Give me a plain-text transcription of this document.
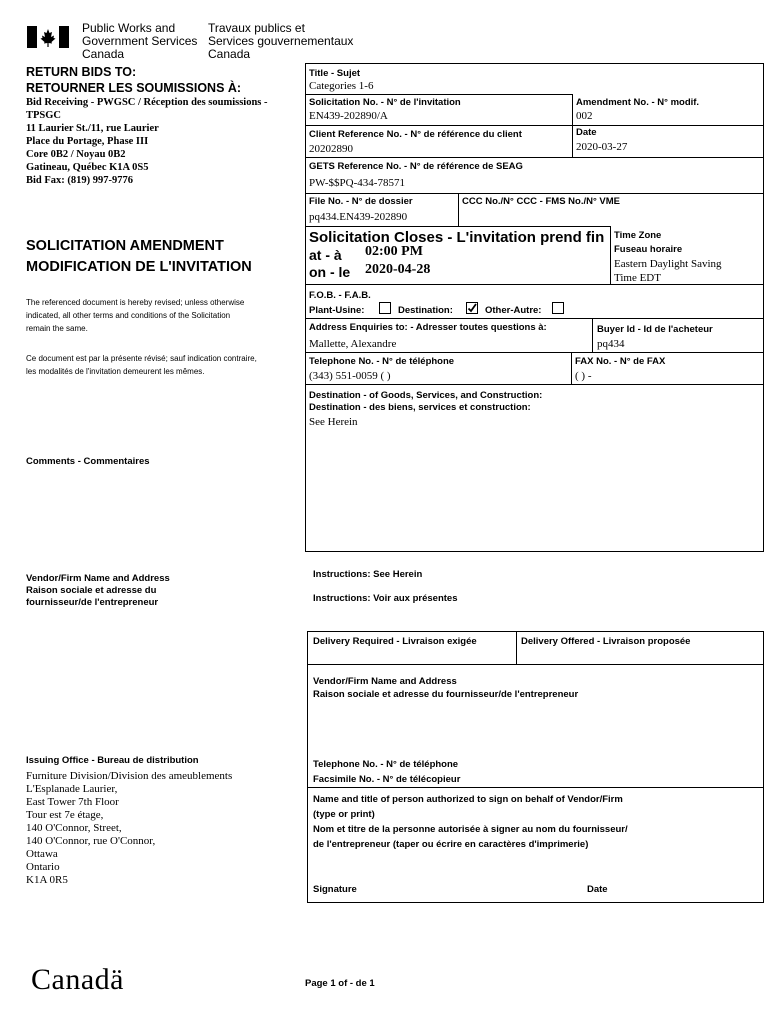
Public Works and
Government Services
Canada
Travaux publics et
Services gouvernementaux
Canada
RETURN BIDS TO:
RETOURNER LES SOUMISSIONS À:
Bid Receiving - PWGSC / Réception des soumissions -
TPSGC
11 Laurier St./11, rue Laurier
Place du Portage, Phase III
Core 0B2 / Noyau 0B2
Gatineau, Québec K1A 0S5
Bid Fax: (819) 997-9776
SOLICITATION AMENDMENT
MODIFICATION DE L'INVITATION
The referenced document is hereby revised; unless otherwise
indicated, all other terms and conditions of the Solicitation
remain the same.
Ce document est par la présente révisé; sauf indication contraire,
les modalités de l'invitation demeurent les mêmes.
Comments - Commentaires
Vendor/Firm Name and Address
Raison sociale et adresse du
fournisseur/de l'entrepreneur
Issuing Office - Bureau de distribution
Furniture Division/Division des ameublements
L'Esplanade Laurier,
East Tower 7th Floor
Tour est 7e étage,
140 O'Connor, Street,
140 O'Connor, rue O'Connor,
Ottawa
Ontario
K1A 0R5
Title - Sujet
Categories 1-6
Solicitation No. - N° de l'invitation
EN439-202890/A
Amendment No. - N° modif.
002
Client Reference No. - N° de référence du client
20202890
Date
2020-03-27
GETS Reference No. - N° de référence de SEAG
PW-$$PQ-434-78571
File No. - N° de dossier
pq434.EN439-202890
CCC No./N° CCC - FMS No./N° VME
Solicitation Closes - L'invitation prend fin
at - à 02:00 PM
on - le 2020-04-28
Time Zone
Fuseau horaire
Eastern Daylight Saving
Time EDT
F.O.B. - F.A.B.
Plant-Usine:	Destination:	Other-Autre:
Address Enquiries to: - Adresser toutes questions à:
Mallette, Alexandre
Buyer Id - Id de l'acheteur
pq434
Telephone No. - N° de téléphone
(343) 551-0059 ( )
FAX No. - N° de FAX
( ) -
Destination - of Goods, Services, and Construction:
Destination - des biens, services et construction:
See Herein
Instructions: See Herein
Instructions: Voir aux présentes
Delivery Required - Livraison exigée	Delivery Offered - Livraison proposée
Vendor/Firm Name and Address
Raison sociale et adresse du fournisseur/de l'entrepreneur
Telephone No. - N° de téléphone
Facsimile No. - N° de télécopieur
Name and title of person authorized to sign on behalf of Vendor/Firm
(type or print)
Nom et titre de la personne autorisée à signer au nom du fournisseur/
de l'entrepreneur (taper ou écrire en caractères d'imprimerie)
Signature	Date
Canadä	Page 1 of - de 1
